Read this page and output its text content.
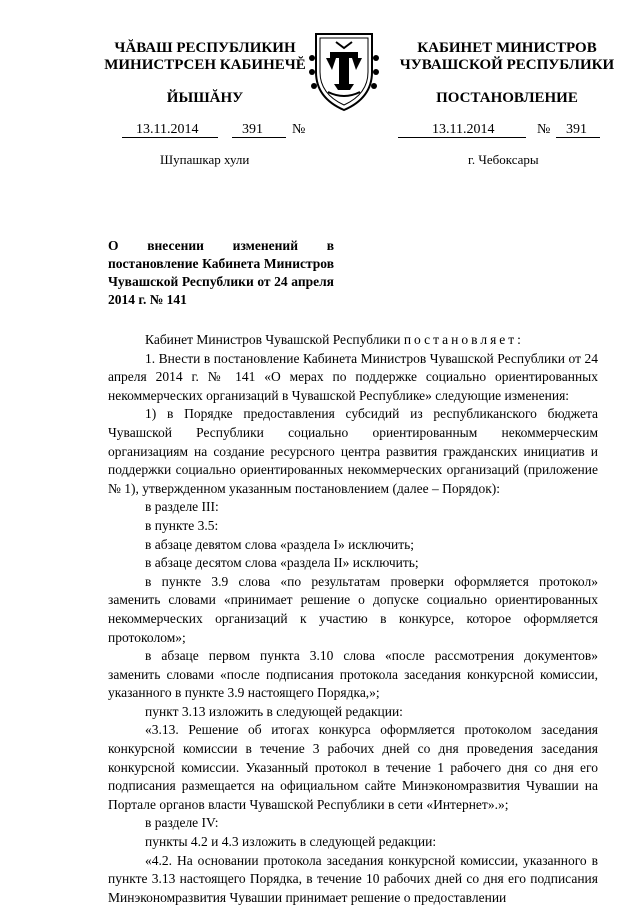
ЧĂВАШ РЕСПУБЛИКИН
МИНИСТРСЕН КАБИНЕЧĔ
ЙЫШĂНУ
КАБИНЕТ МИНИСТРОВ
ЧУВАШСКОЙ РЕСПУБЛИКИ
ПОСТАНОВЛЕНИЕ
13.11.2014	391 №	13.11.2014	№ 391
Шупашкар хули	г. Чебоксары
О внесении изменений в постановление Кабинета Министров Чувашской Республики от 24 апреля 2014 г. № 141

Кабинет Министров Чувашской Республики постановляет:

1. Внести в постановление Кабинета Министров Чувашской Республики от 24 апреля 2014 г. № 141 «О мерах по поддержке социально ориентированных некоммерческих организаций в Чувашской Республике» следующие изменения:

1) в Порядке предоставления субсидий из республиканского бюджета Чувашской Республики социально ориентированным некоммерческим организациям на создание ресурсного центра развития гражданских инициатив и поддержки социально ориентированных некоммерческих организаций (приложение № 1), утвержденном указанным постановлением (далее – Порядок):

в разделе III:

в пункте 3.5:

в абзаце девятом слова «раздела I» исключить;

в абзаце десятом слова «раздела II» исключить;

в пункте 3.9 слова «по результатам проверки оформляется протокол» заменить словами «принимает решение о допуске социально ориентированных некоммерческих организаций к участию в конкурсе, которое оформляется протоколом»;

в абзаце первом пункта 3.10 слова «после рассмотрения документов» заменить словами «после подписания протокола заседания конкурсной комиссии, указанного в пункте 3.9 настоящего Порядка,»;

пункт 3.13 изложить в следующей редакции:

«3.13. Решение об итогах конкурса оформляется протоколом заседания конкурсной комиссии в течение 3 рабочих дней со дня проведения заседания конкурсной комиссии. Указанный протокол в течение 1 рабочего дня со дня его подписания размещается на официальном сайте Минэкономразвития Чувашии на Портале органов власти Чувашской Республики в сети «Интернет».»;

в разделе IV:

пункты 4.2 и 4.3 изложить в следующей редакции:

«4.2. На основании протокола заседания конкурсной комиссии, указанного в пункте 3.13 настоящего Порядка, в течение 10 рабочих дней со дня его подписания Минэкономразвития Чувашии принимает решение о предоставлении
